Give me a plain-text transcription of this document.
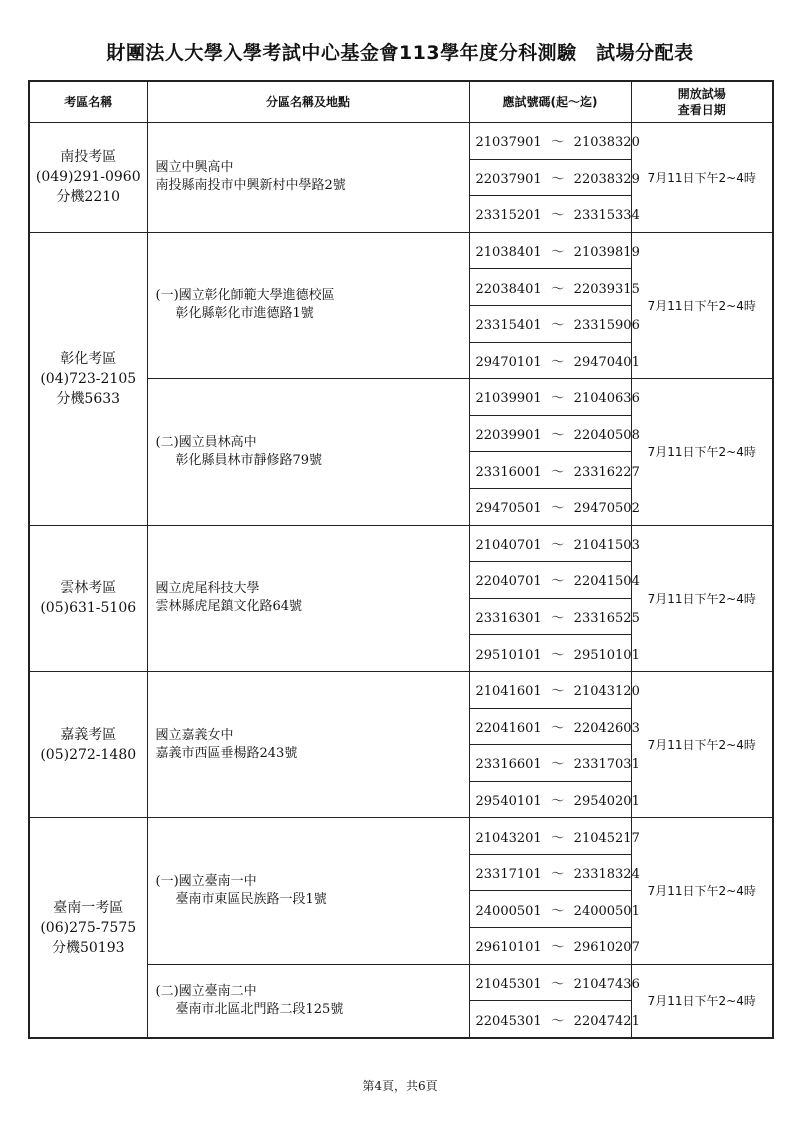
財團法人大學入學考試中心基金會113學年度分科測驗　試場分配表
考區名稱	分區名稱及地點	應試號碼(起～迄)	開放試場
查看日期
南投考區
(049)291-0960
分機2210	國立中興高中
南投縣南投市中興新村中學路2號	21037901 ～ 21038320	7月11日下午2~4時
		22037901 ～ 22038329	
		23315201 ～ 23315334	
彰化考區
(04)723-2105
分機5633	(一)國立彰化師範大學進德校區
彰化縣彰化市進德路1號	21038401 ～ 21039819	7月11日下午2~4時
		22038401 ～ 22039315	
		23315401 ～ 23315906	
		29470101 ～ 29470401	

	(二)國立員林高中
彰化縣員林市靜修路79號	21039901 ～ 21040636	7月11日下午2~4時
		22039901 ～ 22040508	
		23316001 ～ 23316227	
		29470501 ～ 29470502	
雲林考區
(05)631-5106	國立虎尾科技大學
雲林縣虎尾鎮文化路64號	21040701 ～ 21041503	7月11日下午2~4時
		22040701 ～ 22041504	
		23316301 ～ 23316525	
		29510101 ～ 29510101	
嘉義考區
(05)272-1480	國立嘉義女中
嘉義市西區垂楊路243號	21041601 ～ 21043120	7月11日下午2~4時
		22041601 ～ 22042603	
		23316601 ～ 23317031	
		29540101 ～ 29540201	
臺南一考區
(06)275-7575
分機50193	(一)國立臺南一中
臺南市東區民族路一段1號	21043201 ～ 21045217	7月11日下午2~4時
		23317101 ～ 23318324	
		24000501 ～ 24000501	
		29610101 ～ 29610207	

	(二)國立臺南二中
臺南市北區北門路二段125號	21045301 ～ 21047436	7月11日下午2~4時
		22045301 ～ 22047421	
第4頁，共6頁
